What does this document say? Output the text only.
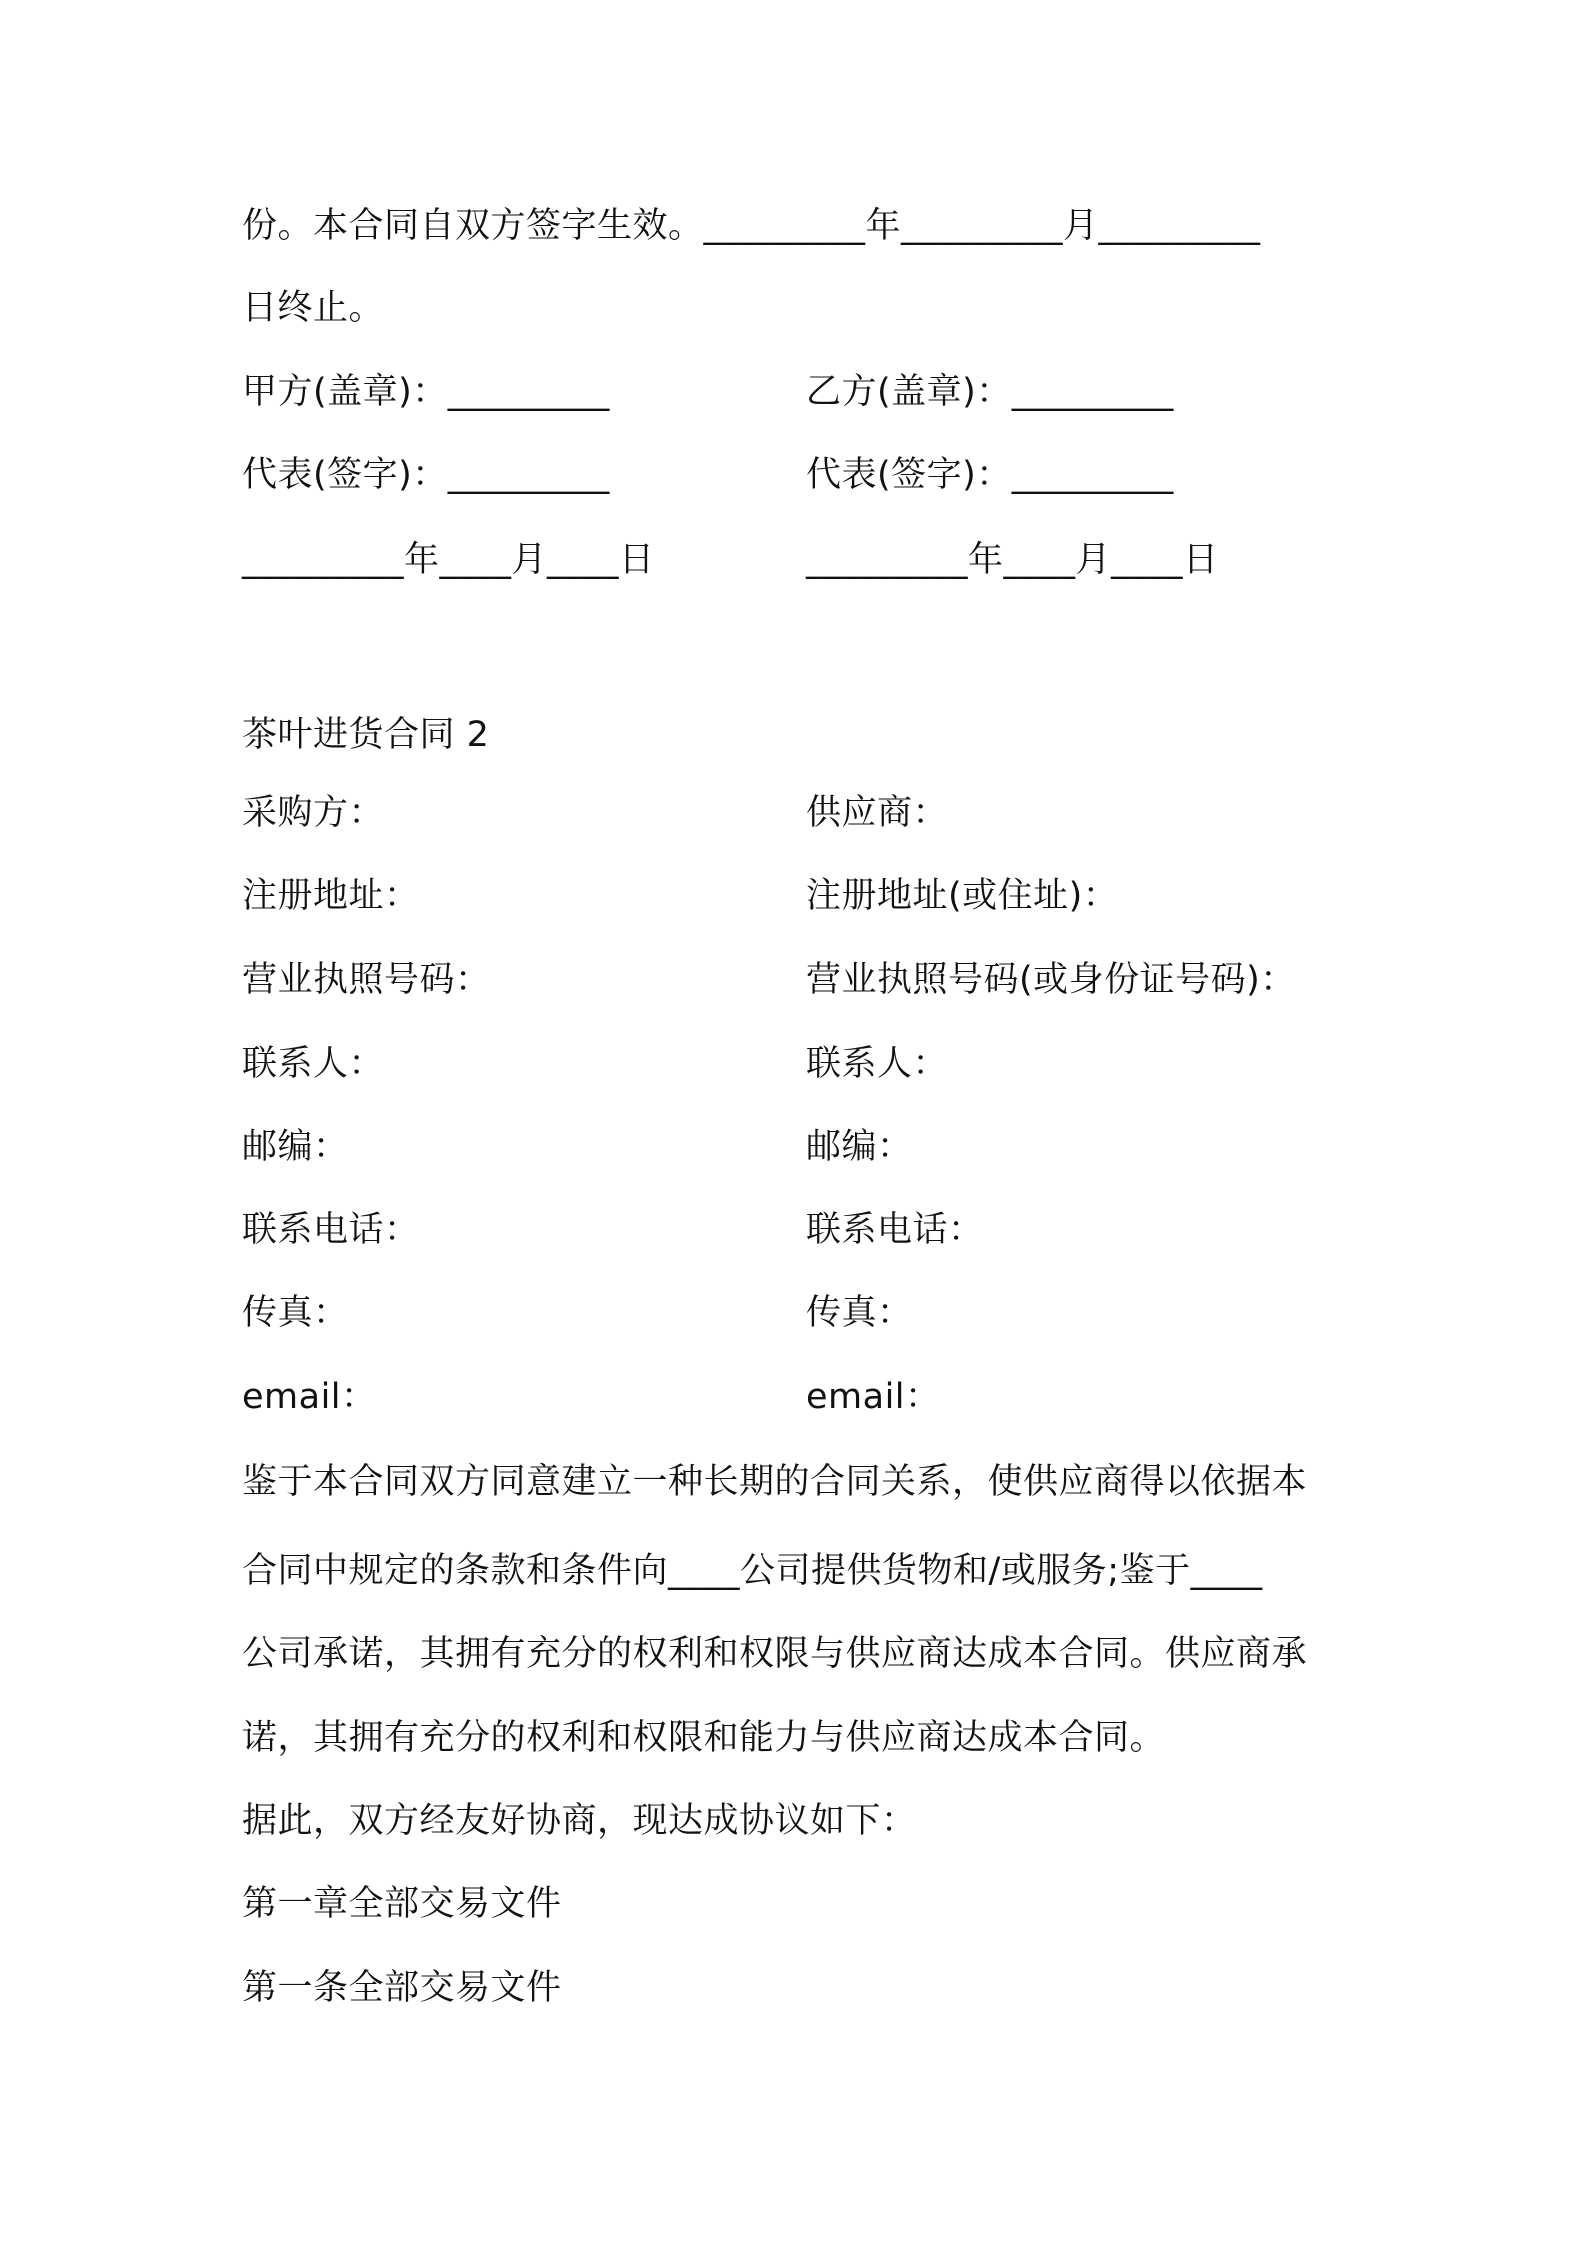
份。本合同自双方签字生效。_________年_________月_________
日终止。
甲方(盖章)：_________	乙方(盖章)：_________
代表(签字)：_________	代表(签字)：_________
_________年____月____日	_________年____月____日
茶叶进货合同 2
采购方：	供应商：
注册地址：	注册地址(或住址)：
营业执照号码：	营业执照号码(或身份证号码)：
联系人：	联系人：
邮编：	邮编：
联系电话：	联系电话：
传真：	传真：
email：	email：
鉴于本合同双方同意建立一种长期的合同关系，使供应商得以依据本
合同中规定的条款和条件向____公司提供货物和/或服务;鉴于____
公司承诺，其拥有充分的权利和权限与供应商达成本合同。供应商承
诺，其拥有充分的权利和权限和能力与供应商达成本合同。
据此，双方经友好协商，现达成协议如下：
第一章全部交易文件
第一条全部交易文件
